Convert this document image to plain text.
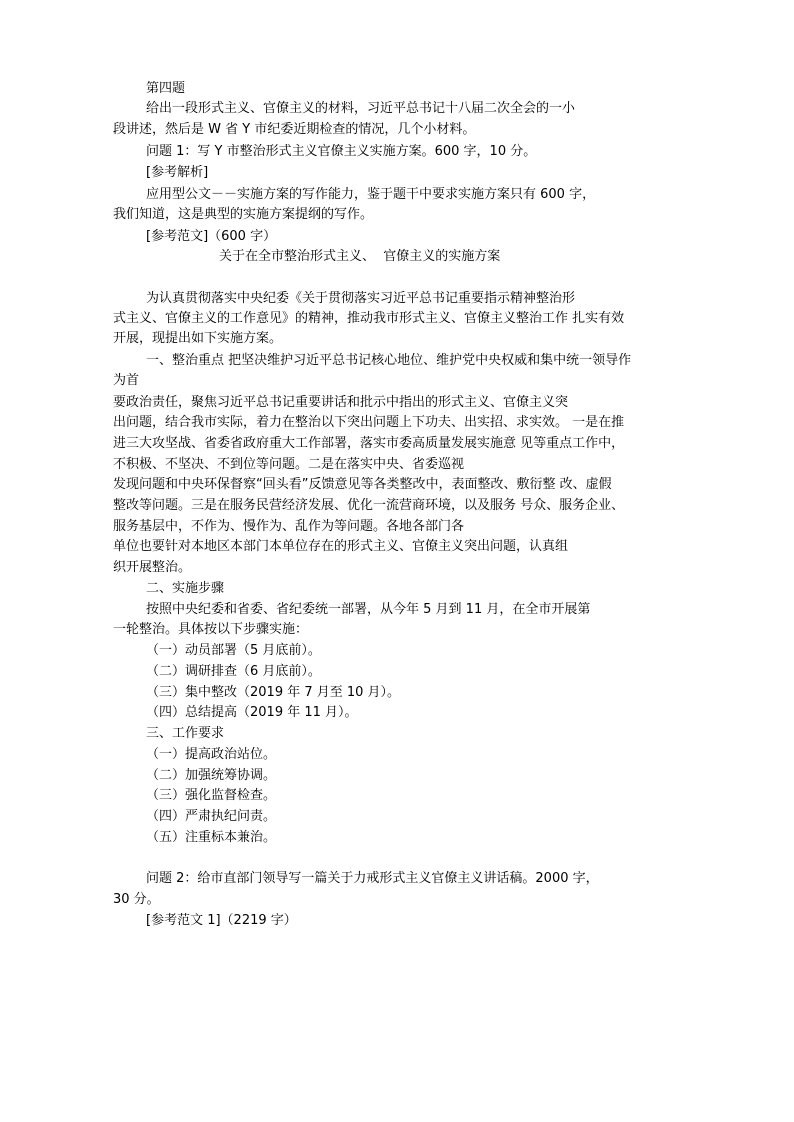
第四题
给出一段形式主义、官僚主义的材料，习近平总书记十八届二次全会的一小
段讲述，然后是 W 省 Y 市纪委近期检查的情况，几个小材料。
问题 1：写 Y 市整治形式主义官僚主义实施方案。600 字，10 分。
[参考解析]
应用型公文－－实施方案的写作能力，鉴于题干中要求实施方案只有 600 字，
我们知道，这是典型的实施方案提纲的写作。
[参考范文]（600 字）
关于在全市整治形式主义、  官僚主义的实施方案
为认真贯彻落实中央纪委《关于贯彻落实习近平总书记重要指示精神整治形
式主义、官僚主义的工作意见》的精神，推动我市形式主义、官僚主义整治工作 扎实有效
开展，现提出如下实施方案。
一、整治重点 把坚决维护习近平总书记核心地位、维护党中央权威和集中统一领导作
为首
要政治责任，聚焦习近平总书记重要讲话和批示中指出的形式主义、官僚主义突
出问题，结合我市实际，着力在整治以下突出问题上下功夫、出实招、求实效。 一是在推
进三大攻坚战、省委省政府重大工作部署，落实市委高质量发展实施意 见等重点工作中，
不积极、不坚决、不到位等问题。二是在落实中央、省委巡视
发现问题和中央环保督察“回头看”反馈意见等各类整改中，表面整改、敷衍整 改、虚假
整改等问题。三是在服务民营经济发展、优化一流营商环境，以及服务 号众、服务企业、
服务基层中，不作为、慢作为、乱作为等问题。各地各部门各
单位也要针对本地区本部门本单位存在的形式主义、官僚主义突出问题，认真组
织开展整治。
二、实施步骤
按照中央纪委和省委、省纪委统一部署，从今年 5 月到 11 月，在全市开展第
一轮整治。具体按以下步骤实施：
（一）动员部署（5 月底前）。
（二）调研排查（6 月底前）。
（三）集中整改（2019 年 7 月至 10 月）。
（四）总结提高（2019 年 11 月）。
三、工作要求
（一）提高政治站位。
（二）加强统筹协调。
（三）强化监督检查。
（四）严肃执纪问责。
（五）注重标本兼治。
问题 2：给市直部门领导写一篇关于力戒形式主义官僚主义讲话稿。2000 字，
30 分。
[参考范文 1]（2219 字）
